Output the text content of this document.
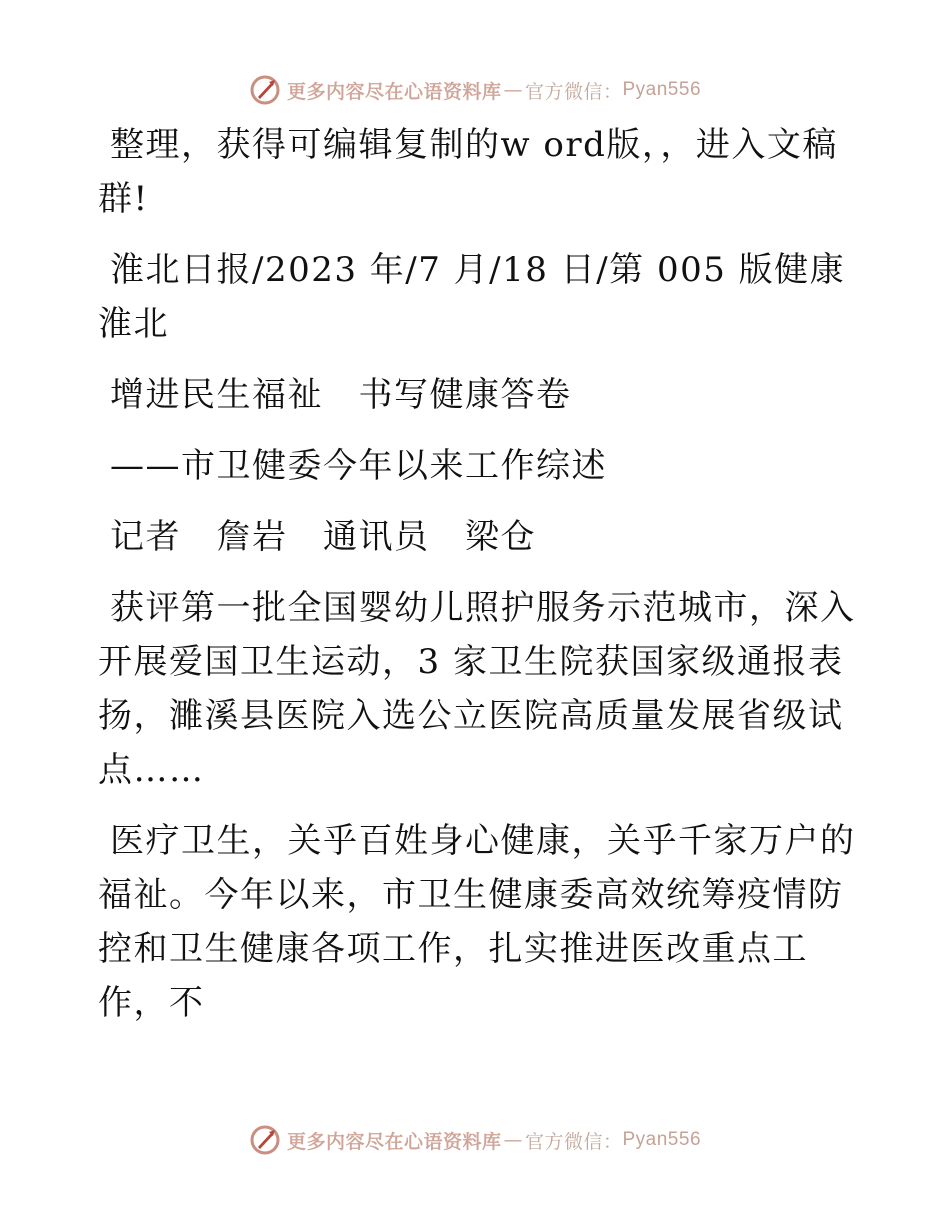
更多内容尽在心语资料库 — 官方微信： Pyan556

整理，获得可编辑复制的w ord版，，进入文稿群!

淮北日报/2023 年/7 月/18 日/第 005 版健康淮北

增进民生福祉　书写健康答卷

——市卫健委今年以来工作综述

记者　詹岩　通讯员　梁仓

获评第一批全国婴幼儿照护服务示范城市，深入开展爱国卫生运动，3 家卫生院获国家级通报表扬，濉溪县医院入选公立医院高质量发展省级试点……

医疗卫生，关乎百姓身心健康，关乎千家万户的福祉。今年以来，市卫生健康委高效统筹疫情防控和卫生健康各项工作，扎实推进医改重点工作，不

更多内容尽在心语资料库 — 官方微信： Pyan556
